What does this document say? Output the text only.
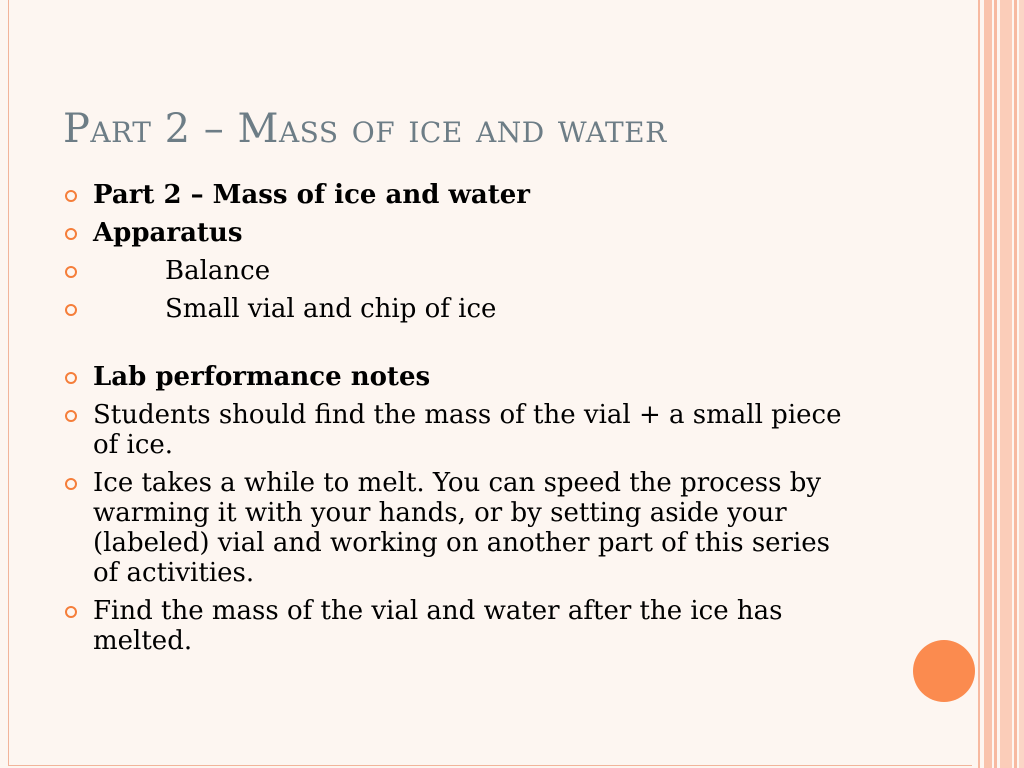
Part 2 – Mass of ice and water
Part 2 – Mass of ice and water
Apparatus
Balance
Small vial and chip of ice
Lab performance notes
Students should find the mass of the vial + a small piece of ice.
Ice takes a while to melt. You can speed the process by warming it with your hands, or by setting aside your (labeled) vial and working on another part of this series of activities.
Find the mass of the vial and water after the ice has melted.
